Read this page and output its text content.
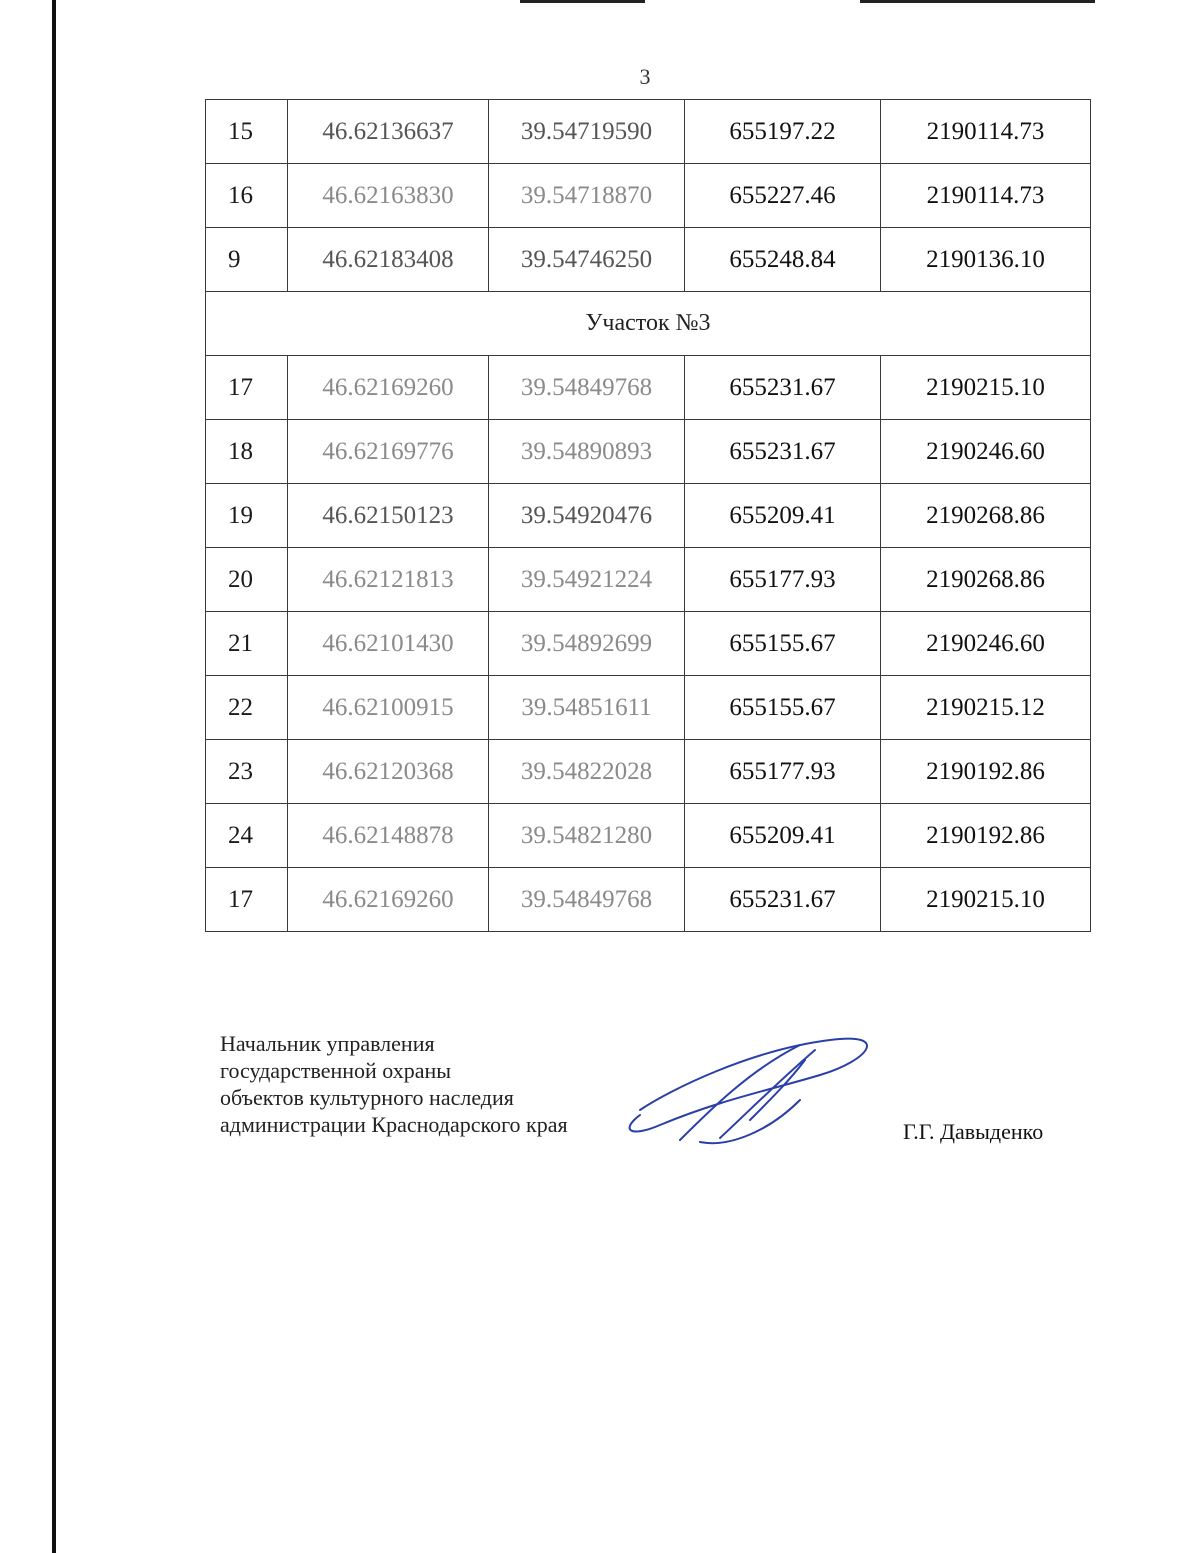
3
15	46.62136637	39.54719590	655197.22	2190114.73
16	46.62163830	39.54718870	655227.46	2190114.73
9	46.62183408	39.54746250	655248.84	2190136.10
Участок №3				
17	46.62169260	39.54849768	655231.67	2190215.10
18	46.62169776	39.54890893	655231.67	2190246.60
19	46.62150123	39.54920476	655209.41	2190268.86
20	46.62121813	39.54921224	655177.93	2190268.86
21	46.62101430	39.54892699	655155.67	2190246.60
22	46.62100915	39.54851611	655155.67	2190215.12
23	46.62120368	39.54822028	655177.93	2190192.86
24	46.62148878	39.54821280	655209.41	2190192.86
17	46.62169260	39.54849768	655231.67	2190215.10
Начальник управления
государственной охраны
объектов культурного наследия
администрации Краснодарского края	Г.Г. Давыденко
